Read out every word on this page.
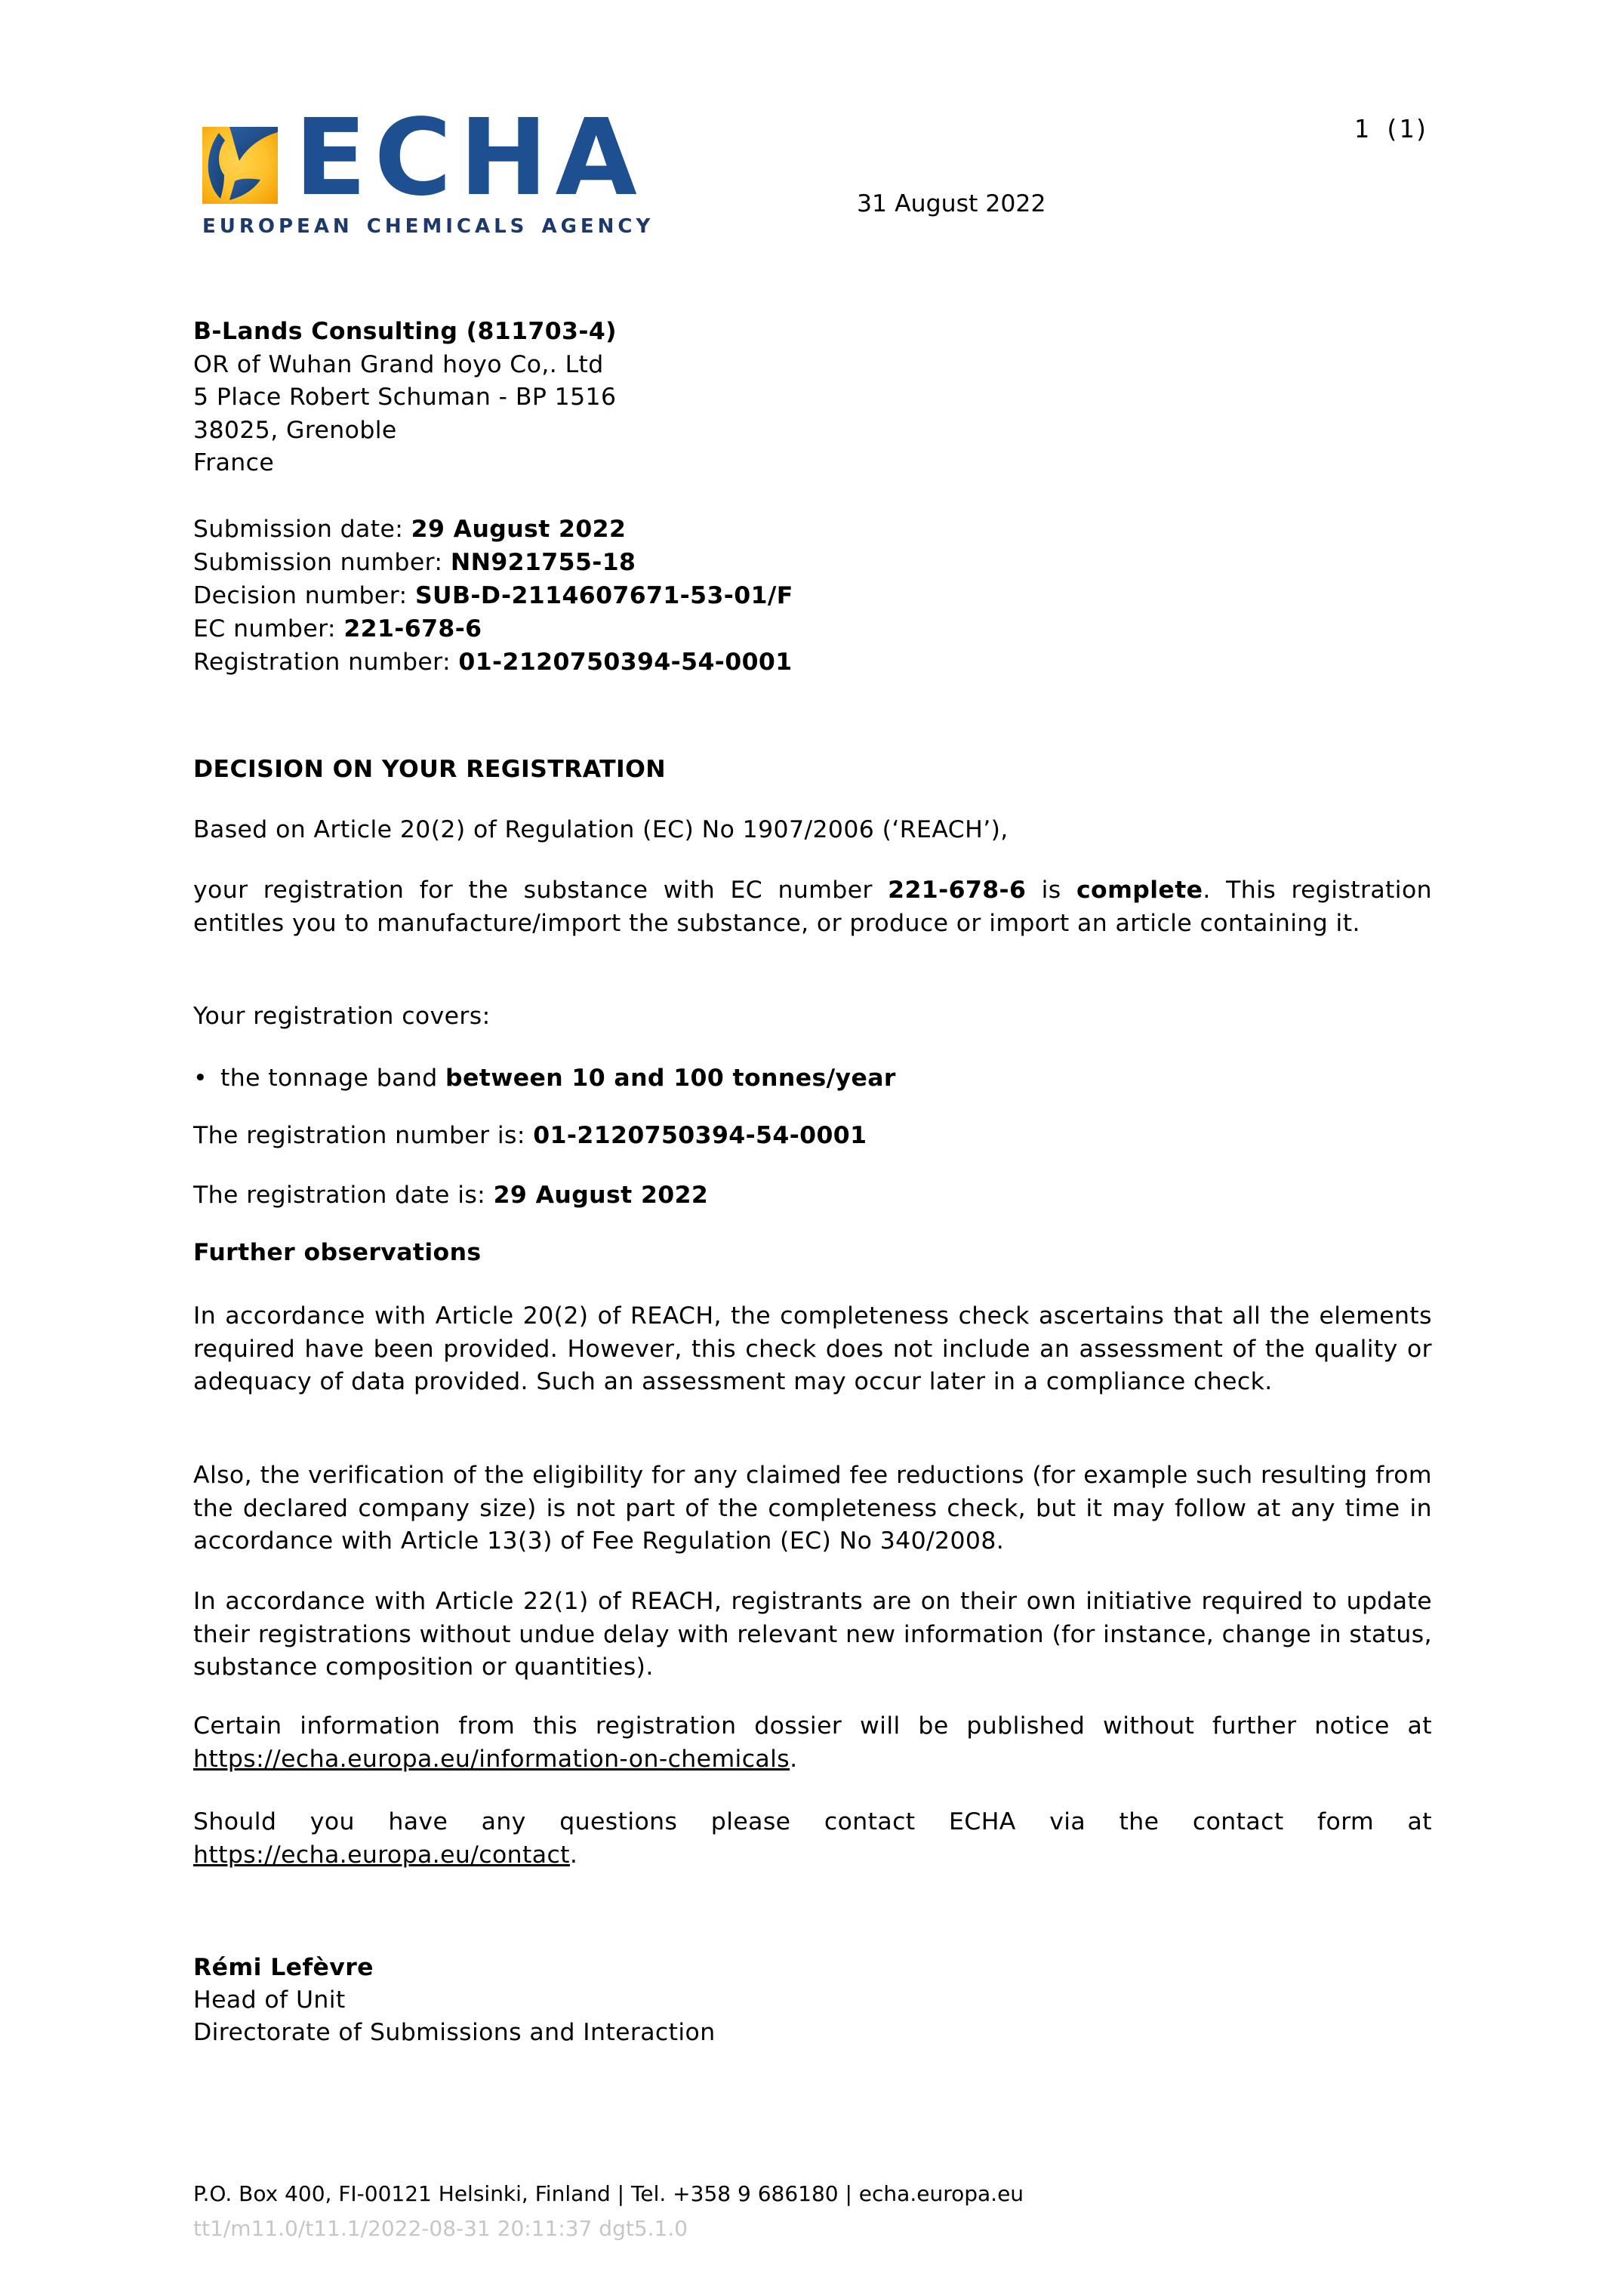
ECHA
EUROPEAN CHEMICALS AGENCY
1 (1)
31 August 2022
B-Lands Consulting (811703-4)
OR of Wuhan Grand hoyo Co,. Ltd
5 Place Robert Schuman - BP 1516
38025, Grenoble
France
Submission date: 29 August 2022
Submission number: NN921755-18
Decision number: SUB-D-2114607671-53-01/F
EC number: 221-678-6
Registration number: 01-2120750394-54-0001
DECISION ON YOUR REGISTRATION
Based on Article 20(2) of Regulation (EC) No 1907/2006 (‘REACH’),
your registration for the substance with EC number 221-678-6 is complete. This registration entitles you to manufacture/import the substance, or produce or import an article containing it.
Your registration covers:
• the tonnage band between 10 and 100 tonnes/year
The registration number is: 01-2120750394-54-0001
The registration date is: 29 August 2022
Further observations
In accordance with Article 20(2) of REACH, the completeness check ascertains that all the elements required have been provided. However, this check does not include an assessment of the quality or adequacy of data provided. Such an assessment may occur later in a compliance check.
Also, the verification of the eligibility for any claimed fee reductions (for example such resulting from the declared company size) is not part of the completeness check, but it may follow at any time in accordance with Article 13(3) of Fee Regulation (EC) No 340/2008.
In accordance with Article 22(1) of REACH, registrants are on their own initiative required to update their registrations without undue delay with relevant new information (for instance, change in status, substance composition or quantities).
Certain information from this registration dossier will be published without further notice at https://echa.europa.eu/information-on-chemicals.
Should you have any questions please contact ECHA via the contact form at https://echa.europa.eu/contact.
Rémi Lefèvre
Head of Unit
Directorate of Submissions and Interaction
P.O. Box 400, FI-00121 Helsinki, Finland | Tel. +358 9 686180 | echa.europa.eu
tt1/m11.0/t11.1/2022-08-31 20:11:37 dgt5.1.0
